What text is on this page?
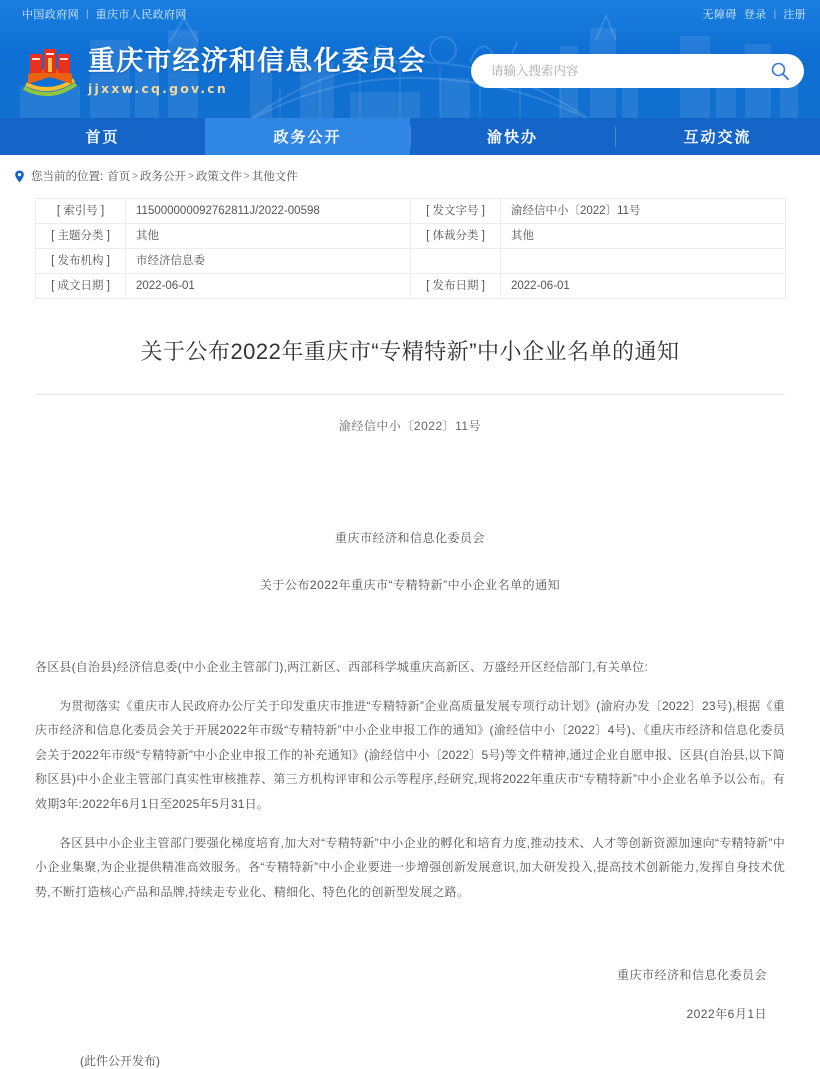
中国政府网 | 重庆市人民政府网	无障碍 登录 | 注册
重庆市经济和信息化委员会
jjxxw.cq.gov.cn
请输入搜索内容
首页	政务公开	渝快办	互动交流
您当前的位置: 首页 > 政务公开 > 政策文件 > 其他文件
[ 索引号 ]	115000000092762811J/2022-00598	[ 发文字号 ]	渝经信中小〔2022〕11号
[ 主题分类 ]	其他	[ 体裁分类 ]	其他
[ 发布机构 ]	市经济信息委		
[ 成文日期 ]	2022-06-01	[ 发布日期 ]	2022-06-01
关于公布2022年重庆市“专精特新”中小企业名单的通知
渝经信中小〔2022〕11号
重庆市经济和信息化委员会
关于公布2022年重庆市“专精特新”中小企业名单的通知

各区县(自治县)经济信息委(中小企业主管部门),两江新区、西部科学城重庆高新区、万盛经开区经信部门,有关单位:

为贯彻落实《重庆市人民政府办公厅关于印发重庆市推进“专精特新”企业高质量发展专项行动计划》(渝府办发〔2022〕23号),根据《重庆市经济和信息化委员会关于开展2022年市级“专精特新”中小企业申报工作的通知》(渝经信中小〔2022〕4号)、《重庆市经济和信息化委员会关于2022年市级“专精特新”中小企业申报工作的补充通知》(渝经信中小〔2022〕5号)等文件精神,通过企业自愿申报、区县(自治县,以下简称区县)中小企业主管部门真实性审核推荐、第三方机构评审和公示等程序,经研究,现将2022年重庆市“专精特新”中小企业名单予以公布。有效期3年:2022年6月1日至2025年5月31日。

各区县中小企业主管部门要强化梯度培育,加大对“专精特新”中小企业的孵化和培育力度,推动技术、人才等创新资源加速向“专精特新”中小企业集聚,为企业提供精准高效服务。各“专精特新”中小企业要进一步增强创新发展意识,加大研发投入,提高技术创新能力,发挥自身技术优势,不断打造核心产品和品牌,持续走专业化、精细化、特色化的创新型发展之路。

重庆市经济和信息化委员会
2022年6月1日
(此件公开发布)
